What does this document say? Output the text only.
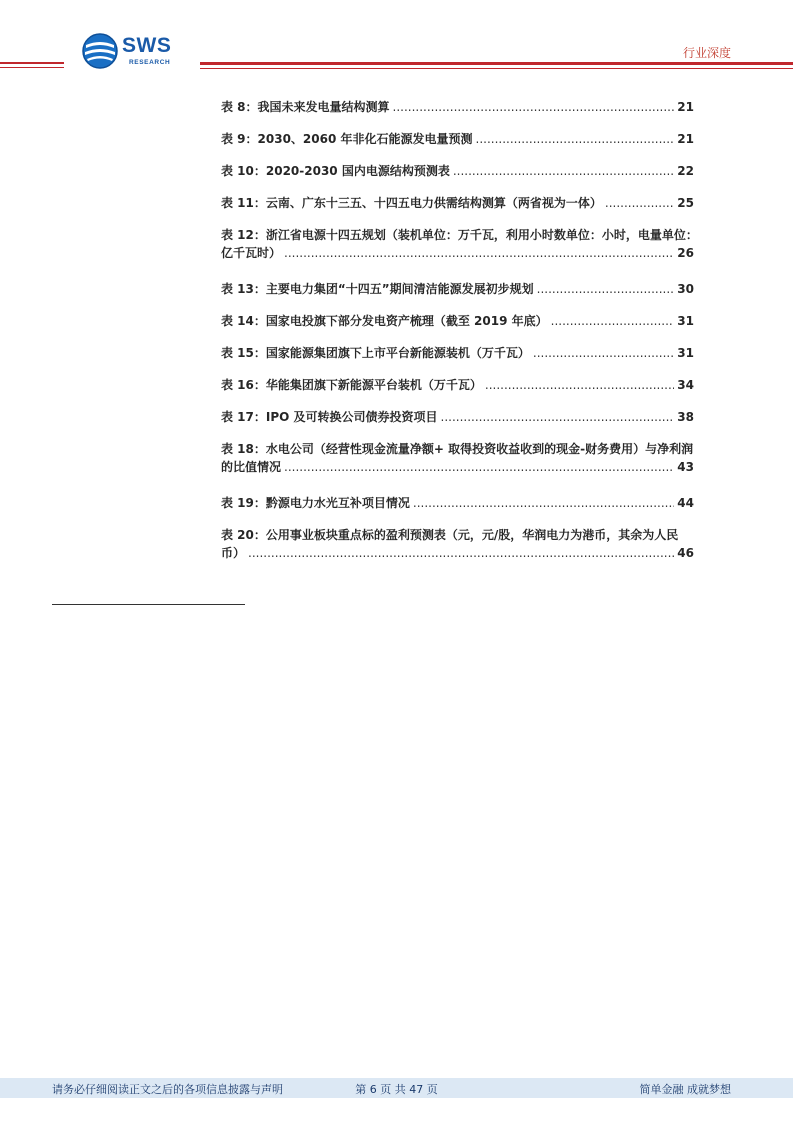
SWS
RESEARCH
行业深度
表 8：我国未来发电量结构测算 .....	21
表 9：2030、2060 年非化石能源发电量预测 .....	21
表 10：2020-2030 国内电源结构预测表 .....	22
表 11：云南、广东十三五、十四五电力供需结构测算（两省视为一体） .....	25
表 12：浙江省电源十四五规划（装机单位：万千瓦，利用小时数单位：小时，电量单位：
亿千瓦时） .....	26
表 13：主要电力集团“十四五”期间清洁能源发展初步规划 .....	30
表 14：国家电投旗下部分发电资产梳理（截至 2019 年底） .....	31
表 15：国家能源集团旗下上市平台新能源装机（万千瓦） .....	31
表 16：华能集团旗下新能源平台装机（万千瓦） .....	34
表 17：IPO 及可转换公司债券投资项目 .....	38
表 18：水电公司（经营性现金流量净额+ 取得投资收益收到的现金-财务费用）与净利润
的比值情况 .....	43
表 19：黔源电力水光互补项目情况 .....	44
表 20：公用事业板块重点标的盈利预测表（元，元/股，华润电力为港币，其余为人民
币） .....	46
请务必仔细阅读正文之后的各项信息披露与声明	第 6 页 共 47 页	简单金融 成就梦想
